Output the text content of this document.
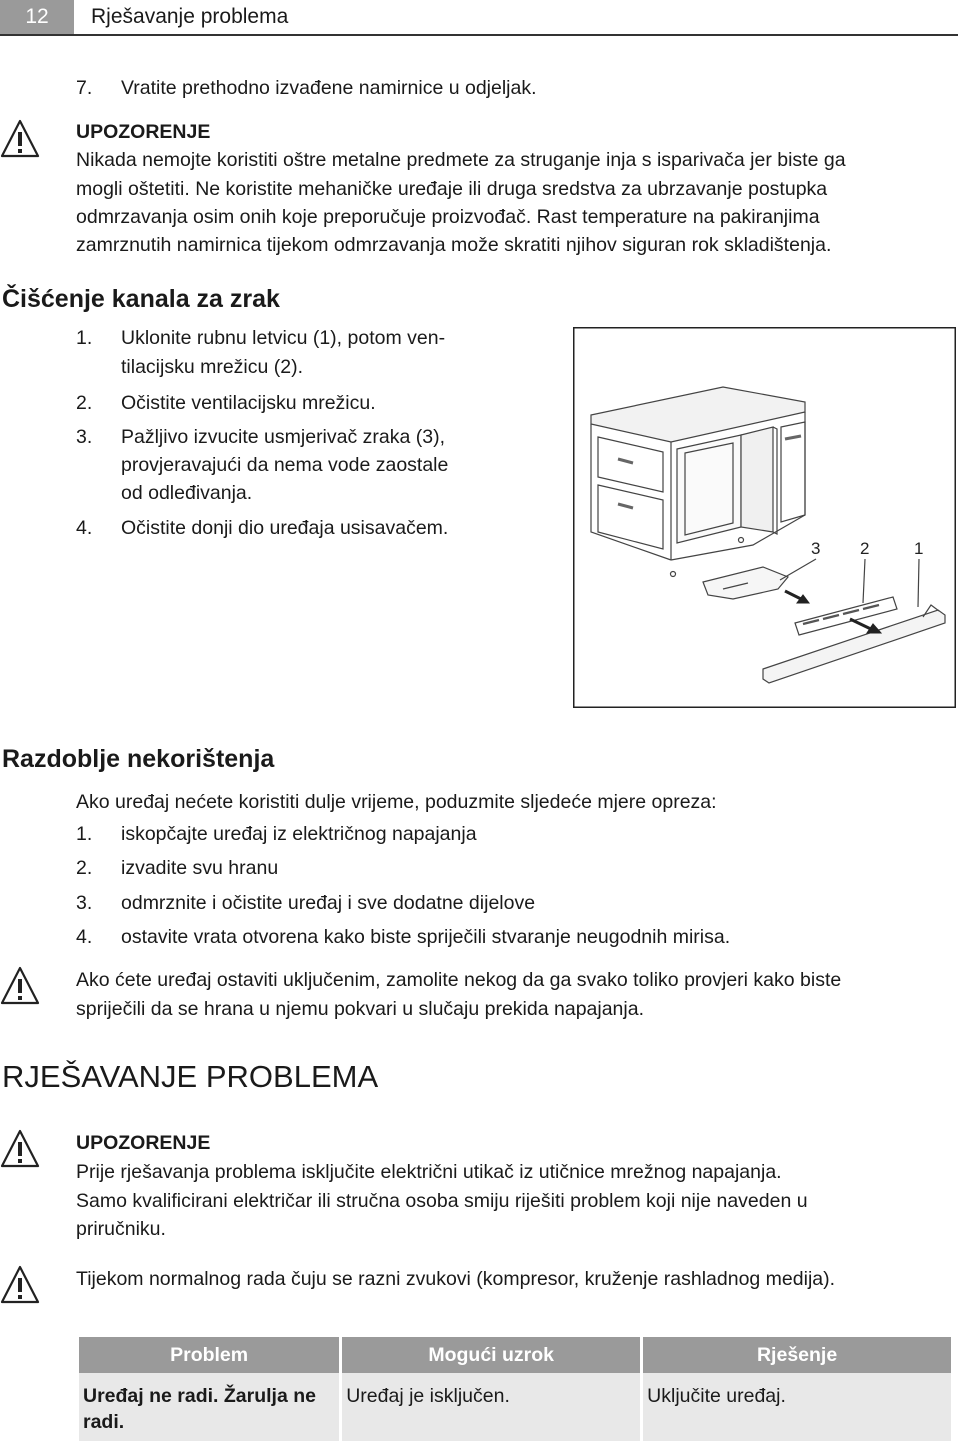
12	Rješavanje problema
7.	Vratite prethodno izvađene namirnice u odjeljak.
UPOZORENJE
Nikada nemojte koristiti oštre metalne predmete za struganje inja s isparivača jer biste ga
mogli oštetiti. Ne koristite mehaničke uređaje ili druga sredstva za ubrzavanje postupka
odmrzavanja osim onih koje preporučuje proizvođač. Rast temperature na pakiranjima
zamrznutih namirnica tijekom odmrzavanja može skratiti njihov siguran rok skladištenja.
Čišćenje kanala za zrak
1.	Uklonite rubnu letvicu (1), potom ven-
tilacijsku mrežicu (2).
2.	Očistite ventilacijsku mrežicu.
3.	Pažljivo izvucite usmjerivač zraka (3),
provjeravajući da nema vode zaostale
od odleđivanja.
4.	Očistite donji dio uređaja usisavačem.
3 2	1
Razdoblje nekorištenja
Ako uređaj nećete koristiti dulje vrijeme, poduzmite sljedeće mjere opreza:
1.	iskopčajte uređaj iz električnog napajanja
2.	izvadite svu hranu
3.	odmrznite i očistite uređaj i sve dodatne dijelove
4.	ostavite vrata otvorena kako biste spriječili stvaranje neugodnih mirisa.
Ako ćete uređaj ostaviti uključenim, zamolite nekog da ga svako toliko provjeri kako biste
spriječili da se hrana u njemu pokvari u slučaju prekida napajanja.
RJEŠAVANJE PROBLEMA
UPOZORENJE
Prije rješavanja problema isključite električni utikač iz utičnice mrežnog napajanja.
Samo kvalificirani električar ili stručna osoba smiju riješiti problem koji nije naveden u
priručniku.
Tijekom normalnog rada čuju se razni zvukovi (kompresor, kruženje rashladnog medija).
Problem	Mogući uzrok	Rješenje
Uređaj ne radi. Žarulja ne radi.	Uređaj je isključen.	Uključite uređaj.
